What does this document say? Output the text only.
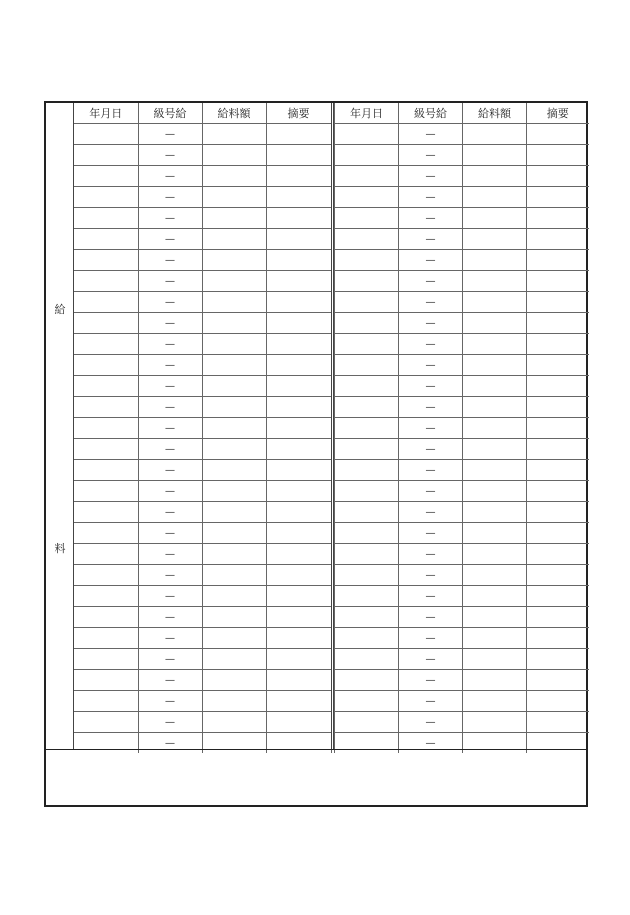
給
料
年月日	級号給	給料額	摘要
	—		
	—		
	—		
	—		
	—		
	—		
	—		
	—		
	—		
	—		
	—		
	—		
	—		
	—		
	—		
	—		
	—		
	—		
	—		
	—		
	—		
	—		
	—		
	—		
	—		
	—		
	—		
	—		
	—		
	—		
年月日	級号給	給料額	摘要
	—		
	—		
	—		
	—		
	—		
	—		
	—		
	—		
	—		
	—		
	—		
	—		
	—		
	—		
	—		
	—		
	—		
	—		
	—		
	—		
	—		
	—		
	—		
	—		
	—		
	—		
	—		
	—		
	—		
	—		
